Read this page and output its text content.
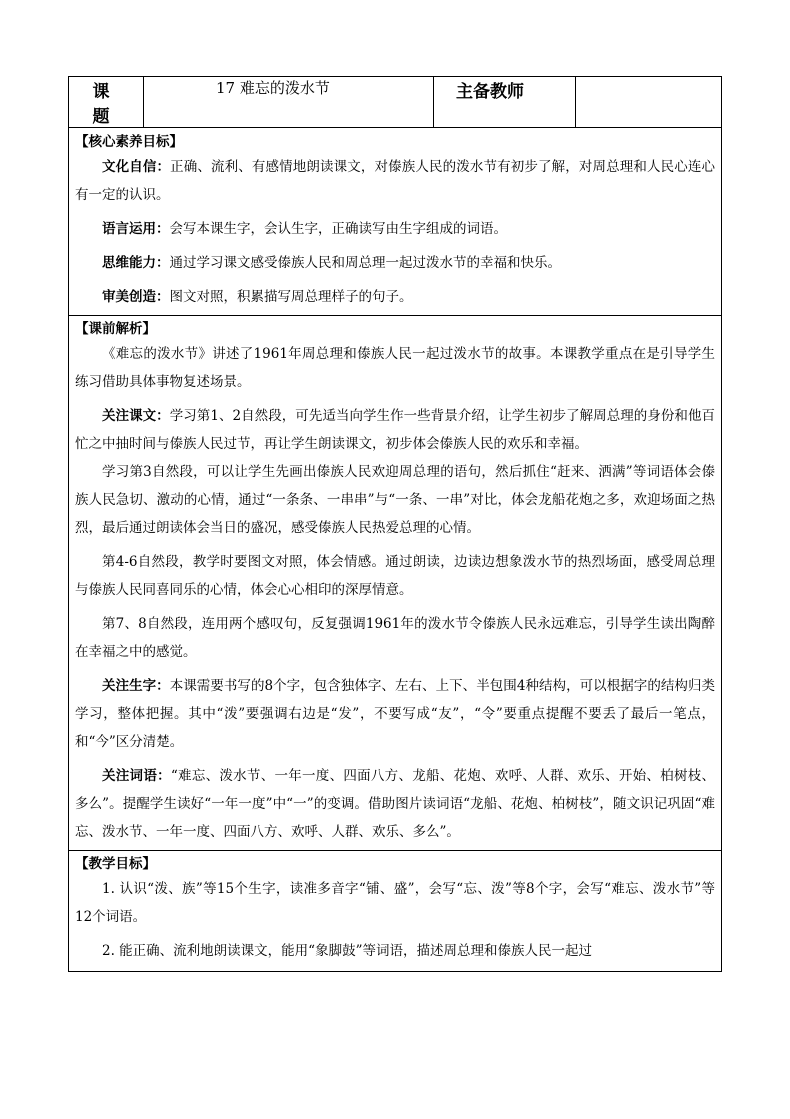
课　题	17 难忘的泼水节	主备教师	

【核心素养目标】

文化自信：正确、流利、有感情地朗读课文，对傣族人民的泼水节有初步了解，对周总理和人民心连心有一定的认识。

语言运用：会写本课生字，会认生字，正确读写由生字组成的词语。

思维能力：通过学习课文感受傣族人民和周总理一起过泼水节的幸福和快乐。

审美创造：图文对照，积累描写周总理样子的句子。

【课前解析】

《难忘的泼水节》讲述了1961年周总理和傣族人民一起过泼水节的故事。本课教学重点在是引导学生练习借助具体事物复述场景。

关注课文：学习第1、2自然段，可先适当向学生作一些背景介绍，让学生初步了解周总理的身份和他百忙之中抽时间与傣族人民过节，再让学生朗读课文，初步体会傣族人民的欢乐和幸福。

学习第3自然段，可以让学生先画出傣族人民欢迎周总理的语句，然后抓住“赶来、洒满”等词语体会傣族人民急切、激动的心情，通过“一条条、一串串”与“一条、一串”对比，体会龙船花炮之多，欢迎场面之热烈，最后通过朗读体会当日的盛况，感受傣族人民热爱总理的心情。

第4-6自然段，教学时要图文对照，体会情感。通过朗读，边读边想象泼水节的热烈场面，感受周总理与傣族人民同喜同乐的心情，体会心心相印的深厚情意。

第7、8自然段，连用两个感叹句，反复强调1961年的泼水节令傣族人民永远难忘，引导学生读出陶醉在幸福之中的感觉。

关注生字：本课需要书写的8个字，包含独体字、左右、上下、半包围4种结构，可以根据字的结构归类学习，整体把握。其中“泼”要强调右边是“发”，不要写成“友”，“令”要重点提醒不要丢了最后一笔点，和“今”区分清楚。

关注词语：“难忘、泼水节、一年一度、四面八方、龙船、花炮、欢呼、人群、欢乐、开始、柏树枝、多么”。提醒学生读好“一年一度”中“一”的变调。借助图片读词语“龙船、花炮、柏树枝”，随文识记巩固“难忘、泼水节、一年一度、四面八方、欢呼、人群、欢乐、多么”。

【教学目标】

1. 认识“泼、族”等15个生字，读准多音字“铺、盛”，会写“忘、泼”等8个字，会写“难忘、泼水节”等12个词语。

2. 能正确、流利地朗读课文，能用“象脚鼓”等词语，描述周总理和傣族人民一起过
